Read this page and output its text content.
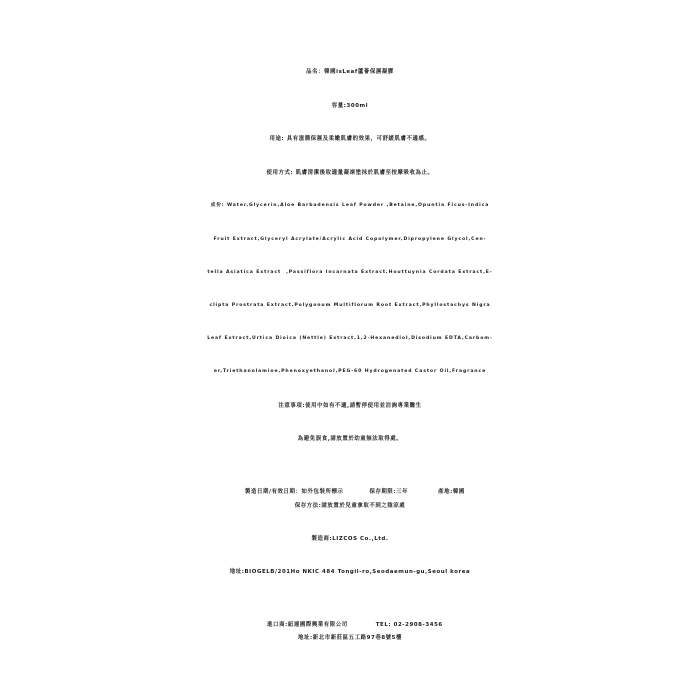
品名：韓國isLeaf蘆薈保濕凝膠
容量:300ml
用途: 具有滋潤保濕及柔嫩肌膚的效果，可舒緩肌膚不適感。
使用方式: 肌膚清潔後取適量凝凍塗抹於肌膚至按摩吸收為止。
成份: Water,Glycerin,Aloe Barbadensis Leaf Powder ,Betaine,Opuntia Ficus-Indica
Fruit Extract,Glyceryl Acrylate/Acrylic Acid Copolymer,Dipropylene Glycol,Cen-
tella Asiatica Extract  ,Passiflora Incarnata Extract,Houttuynia Cordata Extract,E-
clipta Prostrata Extract,Polygonum Multiflorum Root Extract,Phyllostachys Nigra
Leaf Extract,Urtica Dioica (Nettle) Extract,1,2-Hexanediol,Disodium EDTA,Carbom-
er,Triethanolamine,Phenoxyethanol,PEG-60 Hydrogenated Castor Oil,Fragrance
注意事項:使用中如有不適,請暫停使用並洽詢專業醫生
為避免誤食,請放置於幼童無法取得處。

製造日期/有效日期：如外包裝所標示	保存期限:三年	產地:韓國

保存方法:請放置於兒童拿取不到之陰涼處
製造商:LIZCOS Co.,Ltd.
地址:BIOGELB/201Ho NKIC 484 Tongil-ro,Seodaemun-gu,Seoul korea

進口商:紐連國際興業有限公司	TEL: 02-2908-3456

地址:新北市新莊區五工路97巷8號5樓
